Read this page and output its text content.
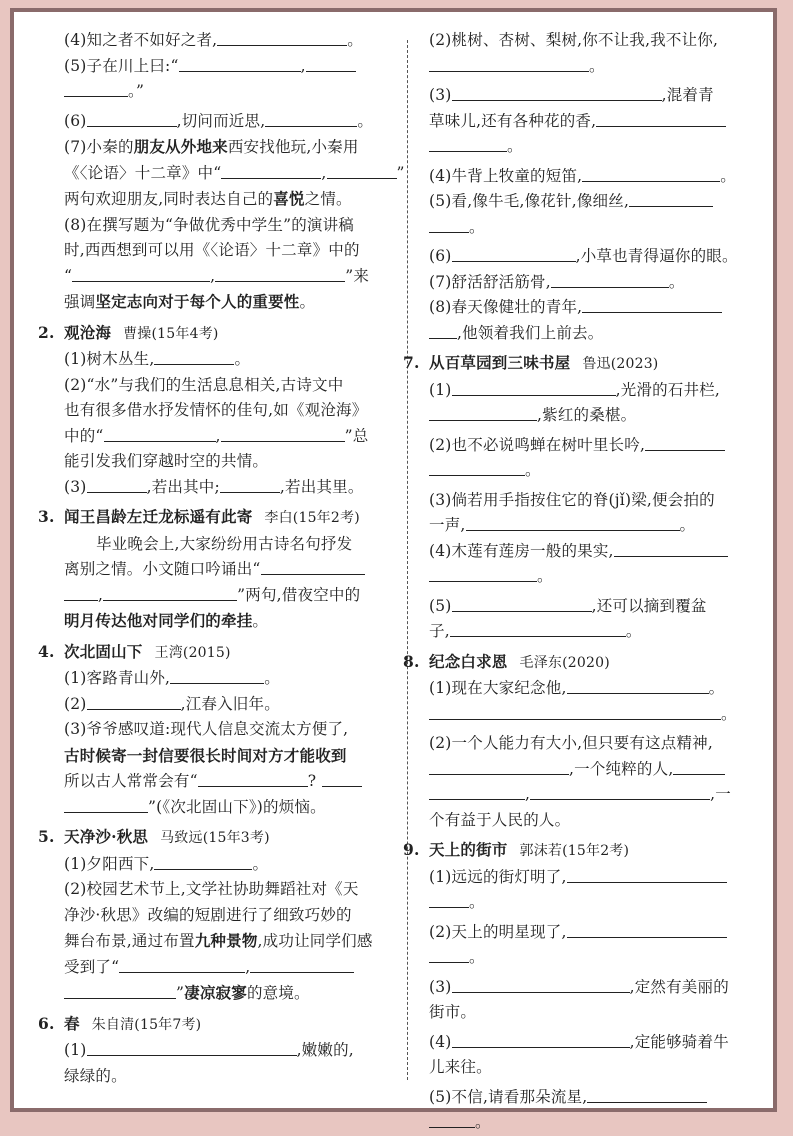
(4)知之者不如好之者,	。
(5)子在川上曰:“	,
。”
(6)	,切问而近思,	。
(7)小秦的朋友从外地来西安找他玩,小秦用
《〈论语〉十二章》中“	,	”
两句欢迎朋友,同时表达自己的喜悦之情。
(8)在撰写题为“争做优秀中学生”的演讲稿
时,西西想到可以用《〈论语〉十二章》中的
“	,	”来
强调坚定志向对于每个人的重要性。
2. 观沧海 曹操(15年4考)
(1)树木丛生,	。
(2)“水”与我们的生活息息相关,古诗文中
也有很多借水抒发情怀的佳句,如《观沧海》
中的“	,	”总
能引发我们穿越时空的共情。
(3)	,若出其中;	,若出其里。
3. 闻王昌龄左迁龙标遥有此寄 李白(15年2考)
毕业晚会上,大家纷纷用古诗名句抒发
离别之情。小文随口吟诵出“
,	”两句,借夜空中的
明月传达他对同学们的牵挂。
4. 次北固山下 王湾(2015)
(1)客路青山外,	。
(2)	,江春入旧年。
(3)爷爷感叹道:现代人信息交流太方便了,
古时候寄一封信要很长时间对方才能收到
所以古人常常会有“	?
”(《次北固山下》)的烦恼。
5. 天净沙·秋思 马致远(15年3考)
(1)夕阳西下,	。
(2)校园艺术节上,文学社协助舞蹈社对《天
净沙·秋思》改编的短剧进行了细致巧妙的
舞台布景,通过布置九种景物,成功让同学们感
受到了“	,
”凄凉寂寥的意境。
6. 春 朱自清(15年7考)
(1)	,嫩嫩的,
绿绿的。
(2)桃树、杏树、梨树,你不让我,我不让你,
。
(3)	,混着青
草味儿,还有各种花的香,
。
(4)牛背上牧童的短笛,	。
(5)看,像牛毛,像花针,像细丝,
。
(6)	,小草也青得逼你的眼。
(7)舒活舒活筋骨,	。
(8)春天像健壮的青年,
,他领着我们上前去。
7. 从百草园到三味书屋 鲁迅(2023)
(1)	,光滑的石井栏,
,紫红的桑椹。
(2)也不必说鸣蝉在树叶里长吟,
。
(3)倘若用手指按住它的脊(jǐ)梁,便会拍的
一声,	。
(4)木莲有莲房一般的果实,
。
(5)	,还可以摘到覆盆
子,	。
8. 纪念白求恩 毛泽东(2020)
(1)现在大家纪念他,	。
。
(2)一个人能力有大小,但只要有这点精神,
,一个纯粹的人,
,	,一
个有益于人民的人。
9. 天上的街市 郭沫若(15年2考)
(1)远远的街灯明了,
。
(2)天上的明星现了,
。
(3)	,定然有美丽的
街市。
(4)	,定能够骑着牛
儿来往。
(5)不信,请看那朵流星,
。
